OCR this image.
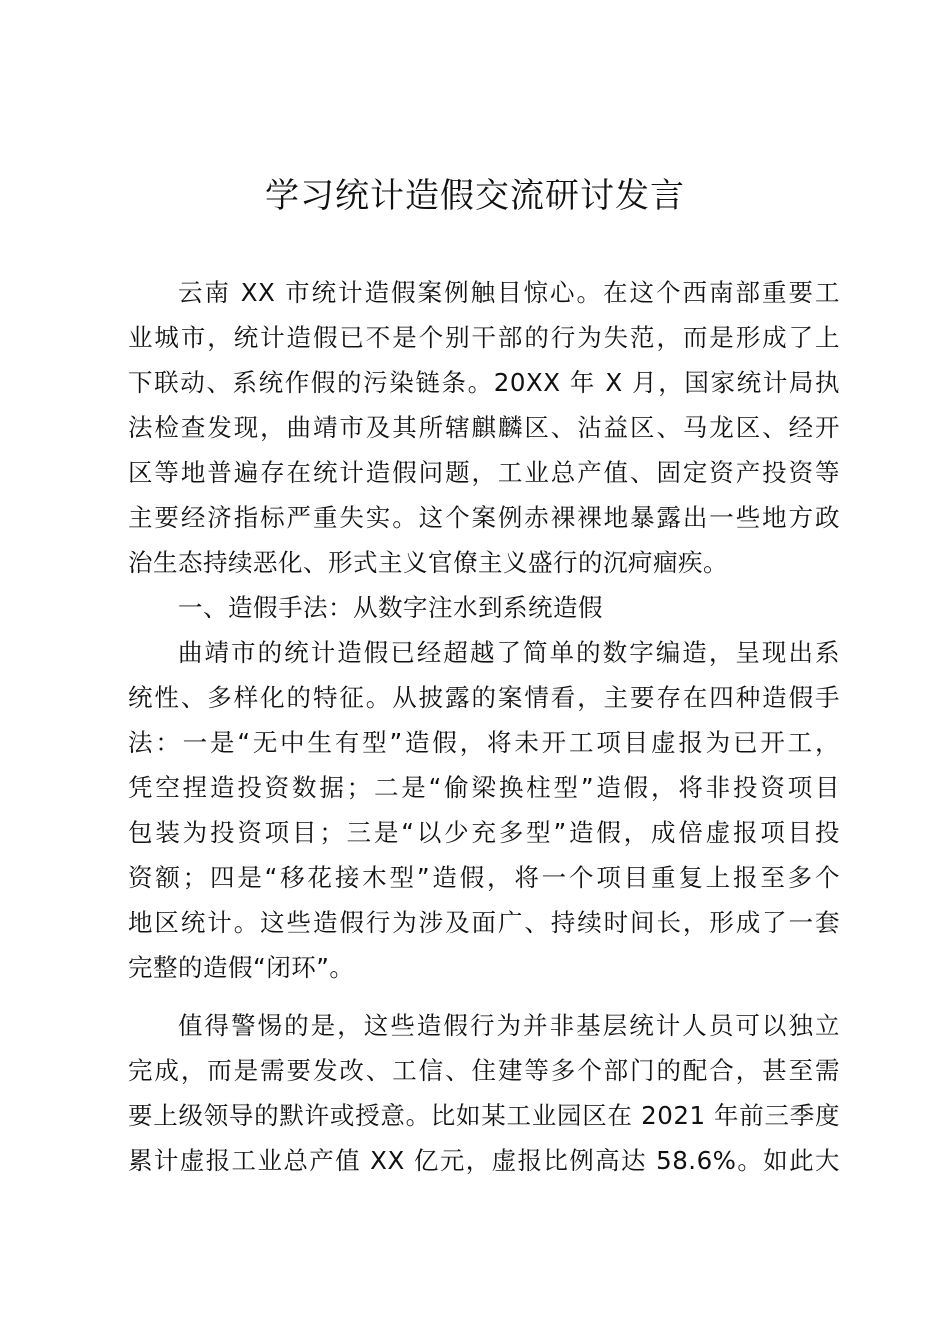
学习统计造假交流研讨发言
云南 XX 市统计造假案例触目惊心。在这个西南部重要工
业城市，统计造假已不是个别干部的行为失范，而是形成了上
下联动、系统作假的污染链条。20XX 年 X 月，国家统计局执
法检查发现，曲靖市及其所辖麒麟区、沾益区、马龙区、经开
区等地普遍存在统计造假问题，工业总产值、固定资产投资等
主要经济指标严重失实。这个案例赤裸裸地暴露出一些地方政
治生态持续恶化、形式主义官僚主义盛行的沉疴痼疾。
一、造假手法：从数字注水到系统造假
曲靖市的统计造假已经超越了简单的数字编造，呈现出系
统性、多样化的特征。从披露的案情看，主要存在四种造假手
法：一是“无中生有型”造假，将未开工项目虚报为已开工，
凭空捏造投资数据；二是“偷梁换柱型”造假，将非投资项目
包装为投资项目；三是“以少充多型”造假，成倍虚报项目投
资额；四是“移花接木型”造假，将一个项目重复上报至多个
地区统计。这些造假行为涉及面广、持续时间长，形成了一套
完整的造假“闭环”。
值得警惕的是，这些造假行为并非基层统计人员可以独立
完成，而是需要发改、工信、住建等多个部门的配合，甚至需
要上级领导的默许或授意。比如某工业园区在 2021 年前三季度
累计虚报工业总产值 XX 亿元，虚报比例高达 58.6%。如此大
